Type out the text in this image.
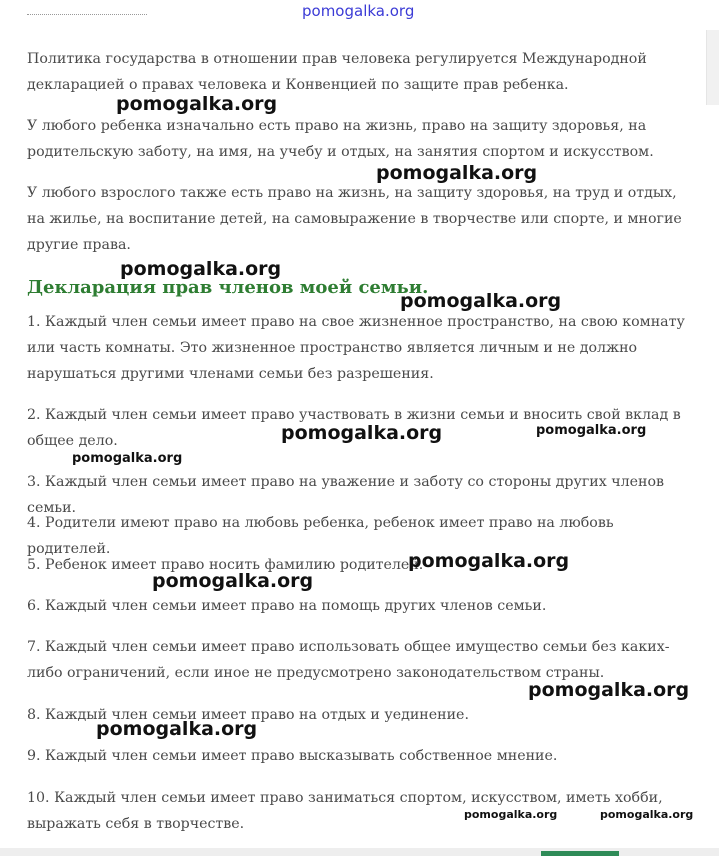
pomogalka.org

Политика государства в отношении прав человека регулируется Международной декларацией о правах человека и Конвенцией по защите прав ребенка.

У любого ребенка изначально есть право на жизнь, право на защиту здоровья, на родительскую заботу, на имя, на учебу и отдых, на занятия спортом и искусством.

У любого взрослого также есть право на жизнь, на защиту здоровья, на труд и отдых, на жилье, на воспитание детей, на самовыражение в творчестве или спорте, и многие другие права.

Декларация прав членов моей семьи.

1. Каждый член семьи имеет право на свое жизненное пространство, на свою комнату или часть комнаты. Это жизненное пространство является личным и не должно нарушаться другими членами семьи без разрешения.

2. Каждый член семьи имеет право участвовать в жизни семьи и вносить свой вклад в общее дело.

3. Каждый член семьи имеет право на уважение и заботу со стороны других членов семьи.

4. Родители имеют право на любовь ребенка, ребенок имеет право на любовь родителей.

5. Ребенок имеет право носить фамилию родителей.

6. Каждый член семьи имеет право на помощь других членов семьи.

7. Каждый член семьи имеет право использовать общее имущество семьи без каких-либо ограничений, если иное не предусмотрено законодательством страны.

8. Каждый член семьи имеет право на отдых и уединение.

9. Каждый член семьи имеет право высказывать собственное мнение.

10. Каждый член семьи имеет право заниматься спортом, искусством, иметь хобби, выражать себя в творчестве.

pomogalka.org
pomogalka.org
pomogalka.org
pomogalka.org
pomogalka.org	pomogalka.org
pomogalka.org
pomogalka.org
pomogalka.org
pomogalka.org
pomogalka.org
pomogalka.org	pomogalka.org
